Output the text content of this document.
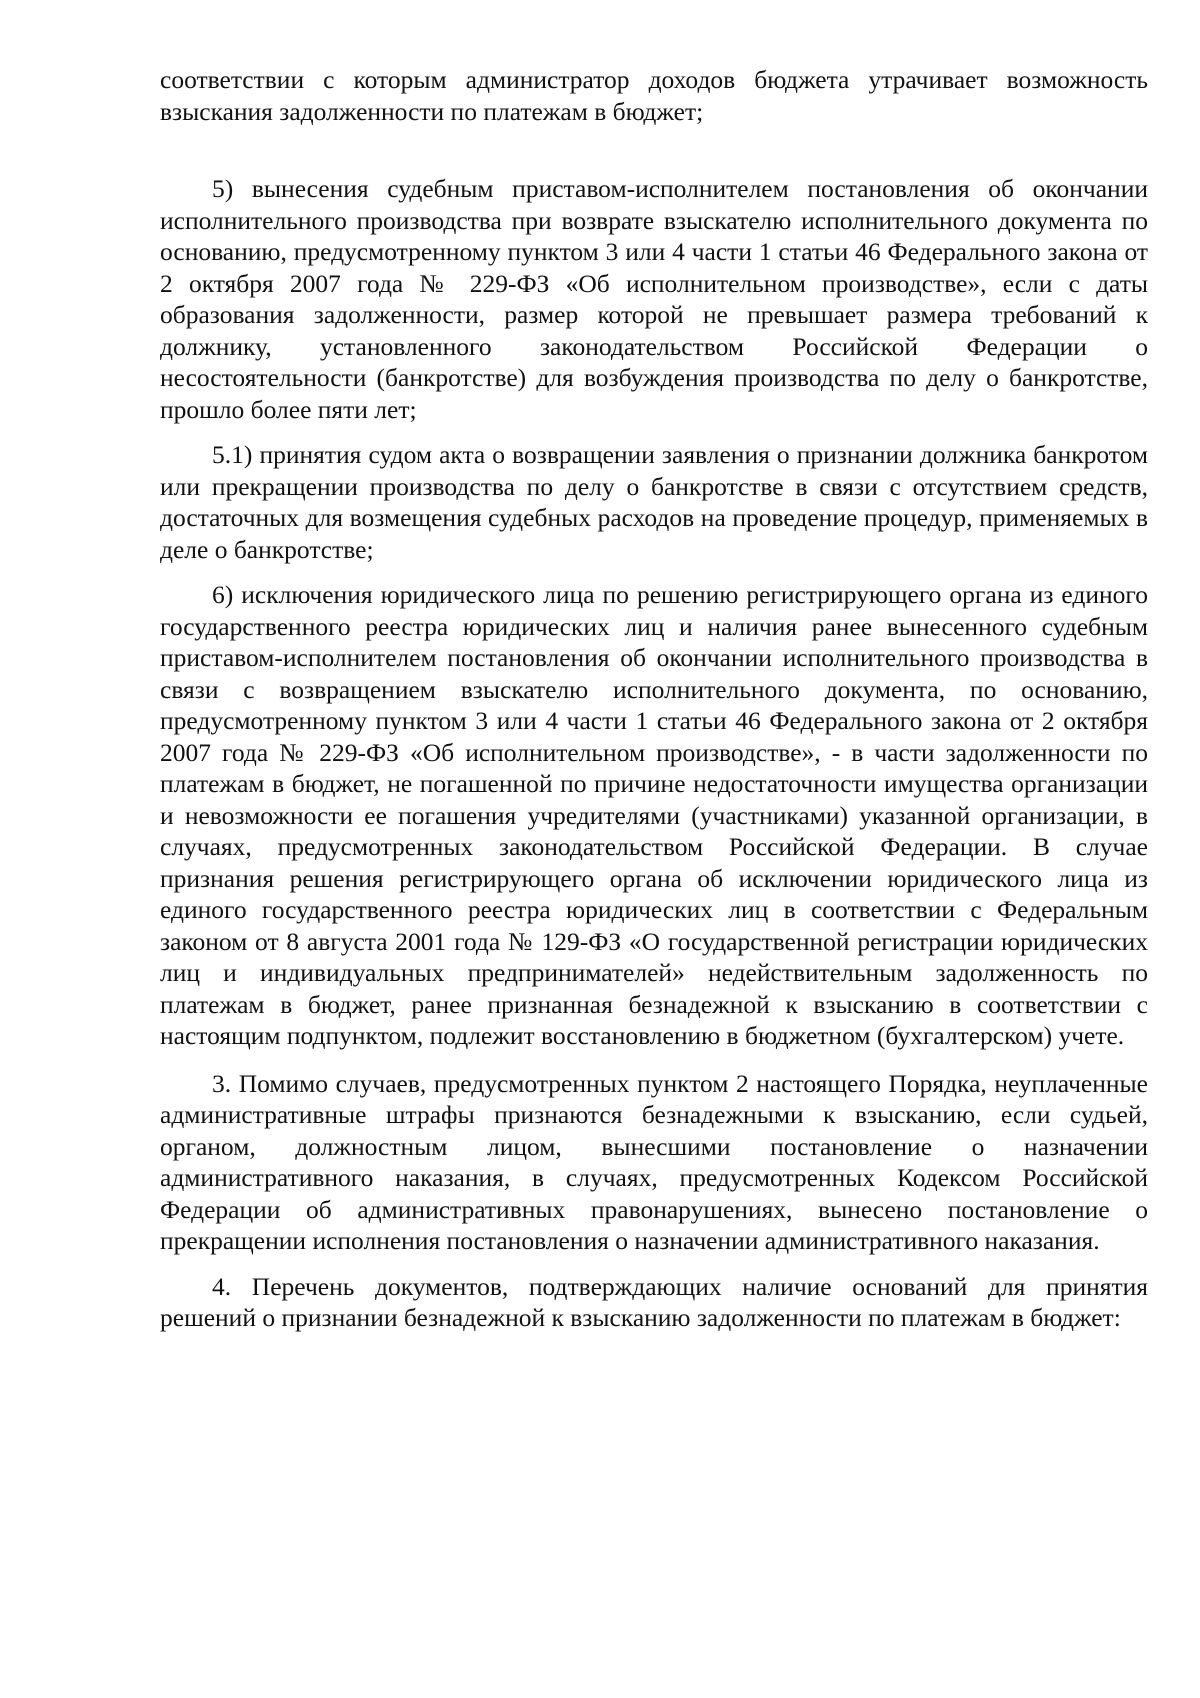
соответствии с которым администратор доходов бюджета утрачивает возможность взыскания задолженности по платежам в бюджет;

5) вынесения судебным приставом-исполнителем постановления об окончании исполнительного производства при возврате взыскателю исполнительного документа по основанию, предусмотренному пунктом 3 или 4 части 1 статьи 46 Федерального закона от 2 октября 2007 года № 229-ФЗ «Об исполнительном производстве», если с даты образования задолженности, размер которой не превышает размера требований к должнику, установленного законодательством Российской Федерации о несостоятельности (банкротстве) для возбуждения производства по делу о банкротстве, прошло более пяти лет;

5.1) принятия судом акта о возвращении заявления о признании должника банкротом или прекращении производства по делу о банкротстве в связи с отсутствием средств, достаточных для возмещения судебных расходов на проведение процедур, применяемых в деле о банкротстве;

6) исключения юридического лица по решению регистрирующего органа из единого государственного реестра юридических лиц и наличия ранее вынесенного судебным приставом-исполнителем постановления об окончании исполнительного производства в связи с возвращением взыскателю исполнительного документа, по основанию, предусмотренному пунктом 3 или 4 части 1 статьи 46 Федерального закона от 2 октября 2007 года № 229-ФЗ «Об исполнительном производстве», - в части задолженности по платежам в бюджет, не погашенной по причине недостаточности имущества организации и невозможности ее погашения учредителями (участниками) указанной организации, в случаях, предусмотренных законодательством Российской Федерации. В случае признания решения регистрирующего органа об исключении юридического лица из единого государственного реестра юридических лиц в соответствии с Федеральным законом от 8 августа 2001 года № 129-ФЗ «О государственной регистрации юридических лиц и индивидуальных предпринимателей» недействительным задолженность по платежам в бюджет, ранее признанная безнадежной к взысканию в соответствии с настоящим подпунктом, подлежит восстановлению в бюджетном (бухгалтерском) учете.

3. Помимо случаев, предусмотренных пунктом 2 настоящего Порядка, неуплаченные административные штрафы признаются безнадежными к взысканию, если судьей, органом, должностным лицом, вынесшими постановление о назначении административного наказания, в случаях, предусмотренных Кодексом Российской Федерации об административных правонарушениях, вынесено постановление о прекращении исполнения постановления о назначении административного наказания.

4. Перечень документов, подтверждающих наличие оснований для принятия решений о признании безнадежной к взысканию задолженности по платежам в бюджет:
